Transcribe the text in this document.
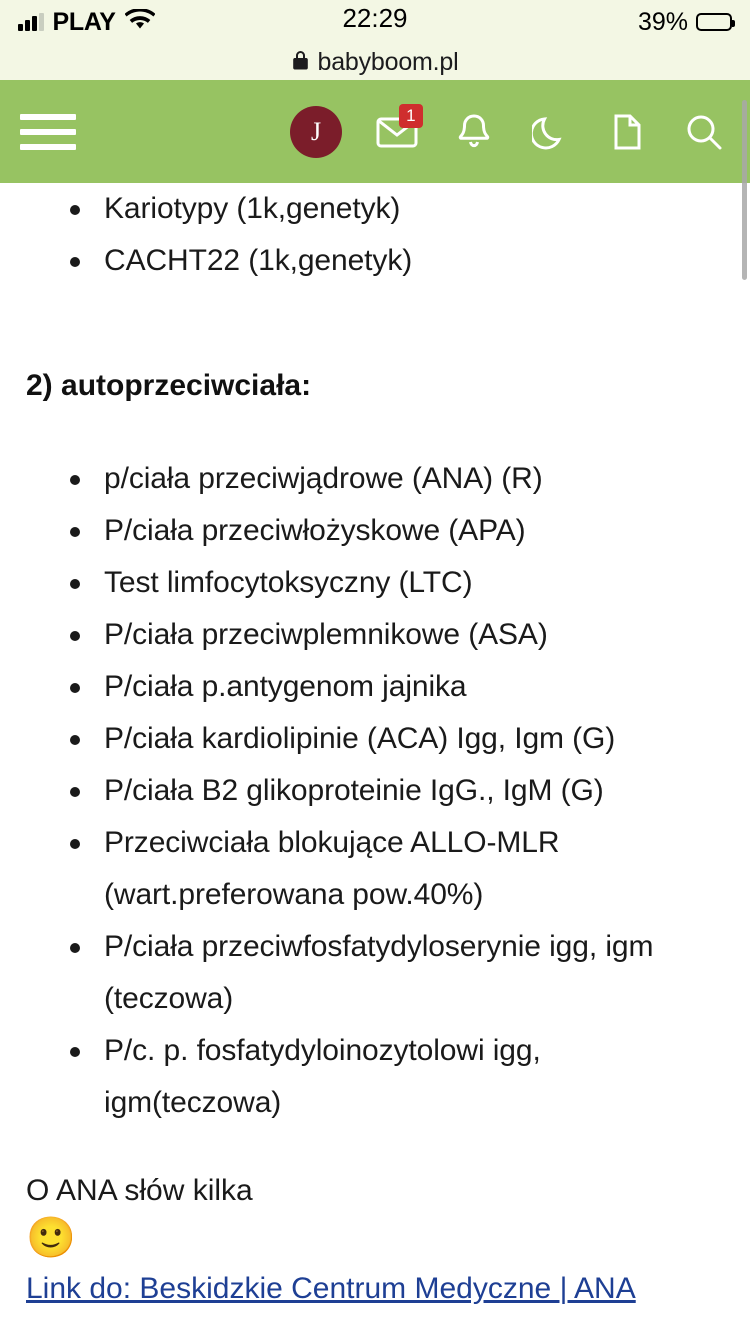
PLAY	22:29	39%
babyboom.pl
J
1
Kariotypy (1k,genetyk)
CACHT22 (1k,genetyk)
2) autoprzeciwciała:
p/ciała przeciwjądrowe (ANA) (R)
P/ciała przeciwłożyskowe (APA)
Test limfocytoksyczny (LTC)
P/ciała przeciwplemnikowe (ASA)
P/ciała p.antygenom jajnika
P/ciała kardiolipinie (ACA) Igg, Igm (G)
P/ciała B2 glikoproteinie IgG., IgM (G)
Przeciwciała blokujące ALLO-MLR (wart.preferowana pow.40%)
P/ciała przeciwfosfatydyloserynie igg, igm (teczowa)
P/c. p. fosfatydyloinozytolowi igg, igm(teczowa)
O ANA słów kilka
🙂
Link do: Beskidzkie Centrum Medyczne | ANA
